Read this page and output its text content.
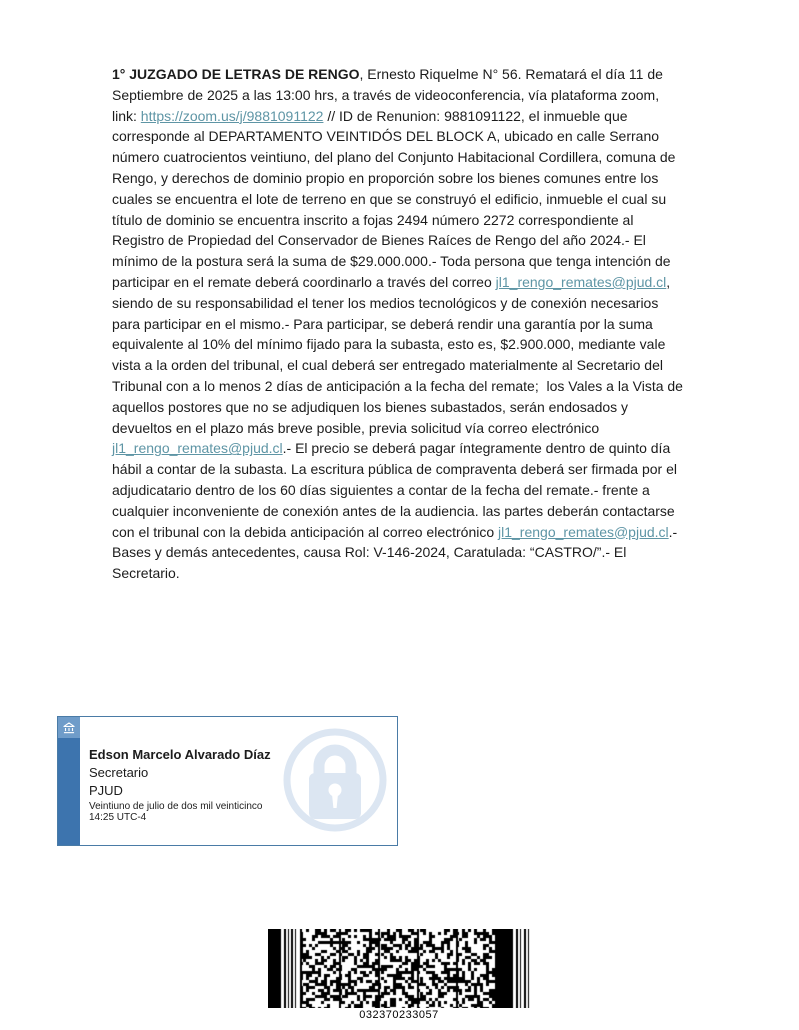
1° JUZGADO DE LETRAS DE RENGO, Ernesto Riquelme N° 56. Rematará el día 11 de Septiembre de 2025 a las 13:00 hrs, a través de videoconferencia, vía plataforma zoom, link: https://zoom.us/j/9881091122 // ID de Renunion: 9881091122, el inmueble que corresponde al DEPARTAMENTO VEINTIDÓS DEL BLOCK A, ubicado en calle Serrano número cuatrocientos veintiuno, del plano del Conjunto Habitacional Cordillera, comuna de Rengo, y derechos de dominio propio en proporción sobre los bienes comunes entre los cuales se encuentra el lote de terreno en que se construyó el edificio, inmueble el cual su título de dominio se encuentra inscrito a fojas 2494 número 2272 correspondiente al Registro de Propiedad del Conservador de Bienes Raíces de Rengo del año 2024.- El mínimo de la postura será la suma de $29.000.000.- Toda persona que tenga intención de participar en el remate deberá coordinarlo a través del correo jl1_rengo_remates@pjud.cl, siendo de su responsabilidad el tener los medios tecnológicos y de conexión necesarios para participar en el mismo.- Para participar, se deberá rendir una garantía por la suma equivalente al 10% del mínimo fijado para la subasta, esto es, $2.900.000, mediante vale vista a la orden del tribunal, el cual deberá ser entregado materialmente al Secretario del Tribunal con a lo menos 2 días de anticipación a la fecha del remate;  los Vales a la Vista de aquellos postores que no se adjudiquen los bienes subastados, serán endosados y devueltos en el plazo más breve posible, previa solicitud vía correo electrónico jl1_rengo_remates@pjud.cl.- El precio se deberá pagar íntegramente dentro de quinto día hábil a contar de la subasta. La escritura pública de compraventa deberá ser firmada por el adjudicatario dentro de los 60 días siguientes a contar de la fecha del remate.- frente a cualquier inconveniente de conexión antes de la audiencia. las partes deberán contactarse con el tribunal con la debida anticipación al correo electrónico jl1_rengo_remates@pjud.cl.- Bases y demás antecedentes, causa Rol: V-146-2024, Caratulada: “CASTRO/”.- El Secretario.

Edson Marcelo Alvarado Díaz
Secretario
PJUD
Veintiuno de julio de dos mil veinticinco
14:25 UTC-4
032370233057
